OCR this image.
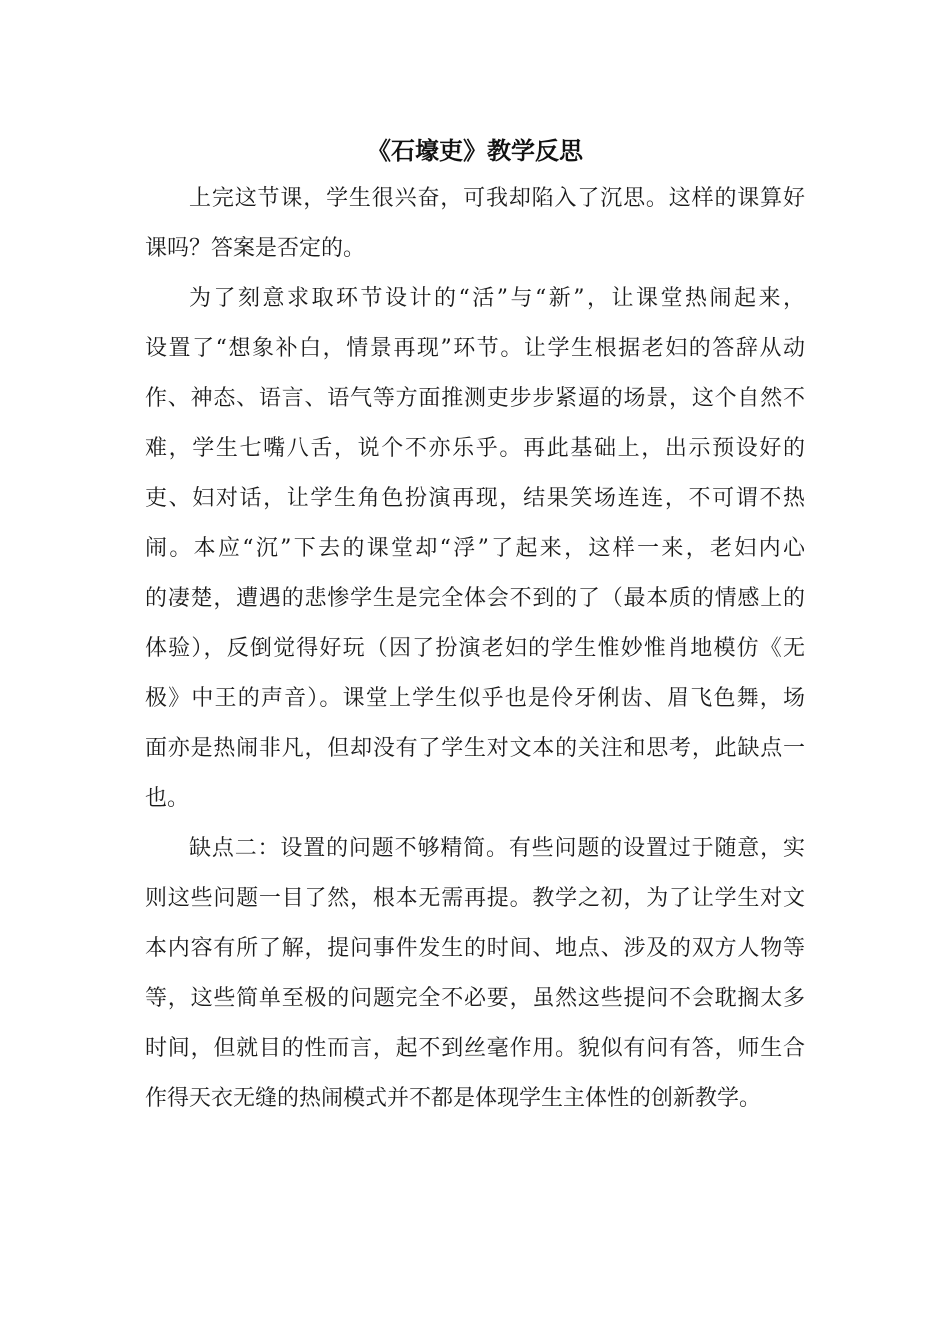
《石壕吏》教学反思
上完这节课，学生很兴奋，可我却陷入了沉思。这样的课算好
课吗？答案是否定的。
为了刻意求取环节设计的“活”与“新”，让课堂热闹起来，
设置了“想象补白，情景再现”环节。让学生根据老妇的答辞从动
作、神态、语言、语气等方面推测吏步步紧逼的场景，这个自然不
难，学生七嘴八舌，说个不亦乐乎。再此基础上，出示预设好的
吏、妇对话，让学生角色扮演再现，结果笑场连连，不可谓不热
闹。本应“沉”下去的课堂却“浮”了起来，这样一来，老妇内心
的凄楚，遭遇的悲惨学生是完全体会不到的了（最本质的情感上的
体验），反倒觉得好玩（因了扮演老妇的学生惟妙惟肖地模仿《无
极》中王的声音）。课堂上学生似乎也是伶牙俐齿、眉飞色舞，场
面亦是热闹非凡，但却没有了学生对文本的关注和思考，此缺点一
也。
缺点二：设置的问题不够精简。有些问题的设置过于随意，实
则这些问题一目了然，根本无需再提。教学之初，为了让学生对文
本内容有所了解，提问事件发生的时间、地点、涉及的双方人物等
等，这些简单至极的问题完全不必要，虽然这些提问不会耽搁太多
时间，但就目的性而言，起不到丝毫作用。貌似有问有答，师生合
作得天衣无缝的热闹模式并不都是体现学生主体性的创新教学。
